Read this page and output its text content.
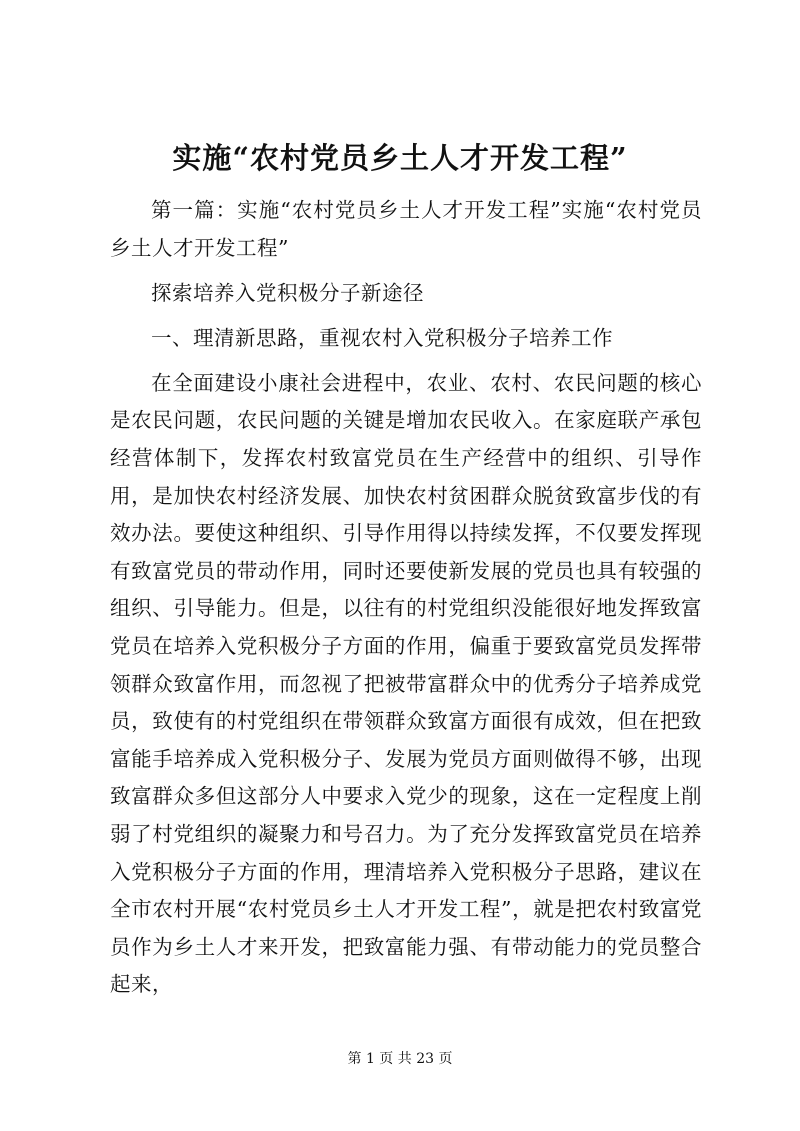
实施“农村党员乡土人才开发工程”

第一篇：实施“农村党员乡土人才开发工程”实施“农村党员乡土人才开发工程”

探索培养入党积极分子新途径

一、理清新思路，重视农村入党积极分子培养工作

在全面建设小康社会进程中，农业、农村、农民问题的核心是农民问题，农民问题的关键是增加农民收入。在家庭联产承包经营体制下，发挥农村致富党员在生产经营中的组织、引导作用，是加快农村经济发展、加快农村贫困群众脱贫致富步伐的有效办法。要使这种组织、引导作用得以持续发挥，不仅要发挥现有致富党员的带动作用，同时还要使新发展的党员也具有较强的组织、引导能力。但是，以往有的村党组织没能很好地发挥致富党员在培养入党积极分子方面的作用，偏重于要致富党员发挥带领群众致富作用，而忽视了把被带富群众中的优秀分子培养成党员，致使有的村党组织在带领群众致富方面很有成效，但在把致富能手培养成入党积极分子、发展为党员方面则做得不够，出现致富群众多但这部分人中要求入党少的现象，这在一定程度上削弱了村党组织的凝聚力和号召力。为了充分发挥致富党员在培养入党积极分子方面的作用，理清培养入党积极分子思路，建议在全市农村开展“农村党员乡土人才开发工程”，就是把农村致富党员作为乡土人才来开发，把致富能力强、有带动能力的党员整合起来，

第 1 页 共 23 页
